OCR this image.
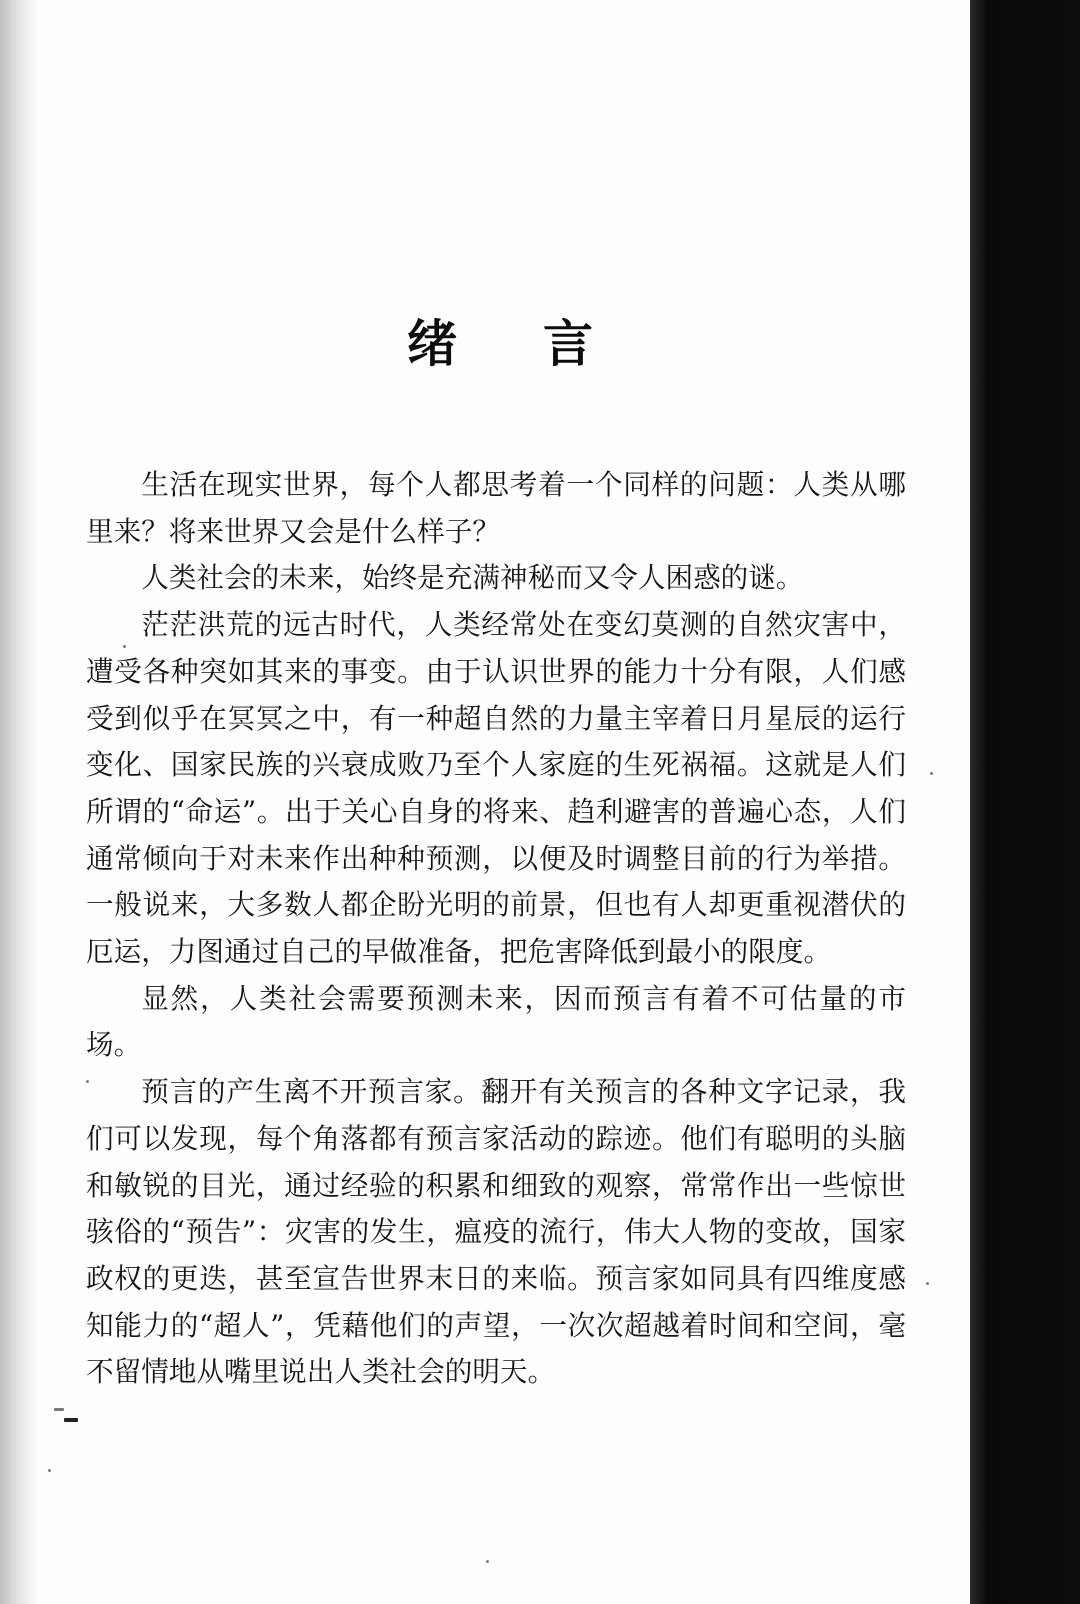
绪言

生活在现实世界，每个人都思考着一个同样的问题：人类从哪里来？将来世界又会是什么样子？

人类社会的未来，始终是充满神秘而又令人困惑的谜。

茫茫洪荒的远古时代，人类经常处在变幻莫测的自然灾害中，遭受各种突如其来的事变。由于认识世界的能力十分有限，人们感受到似乎在冥冥之中，有一种超自然的力量主宰着日月星辰的运行变化、国家民族的兴衰成败乃至个人家庭的生死祸福。这就是人们所谓的“命运”。出于关心自身的将来、趋利避害的普遍心态，人们通常倾向于对未来作出种种预测，以便及时调整目前的行为举措。一般说来，大多数人都企盼光明的前景，但也有人却更重视潜伏的厄运，力图通过自己的早做准备，把危害降低到最小的限度。

显然，人类社会需要预测未来，因而预言有着不可估量的市场。

预言的产生离不开预言家。翻开有关预言的各种文字记录，我们可以发现，每个角落都有预言家活动的踪迹。他们有聪明的头脑和敏锐的目光，通过经验的积累和细致的观察，常常作出一些惊世骇俗的“预告”：灾害的发生，瘟疫的流行，伟大人物的变故，国家政权的更迭，甚至宣告世界末日的来临。预言家如同具有四维度感知能力的“超人”，凭藉他们的声望，一次次超越着时间和空间，毫不留情地从嘴里说出人类社会的明天。
